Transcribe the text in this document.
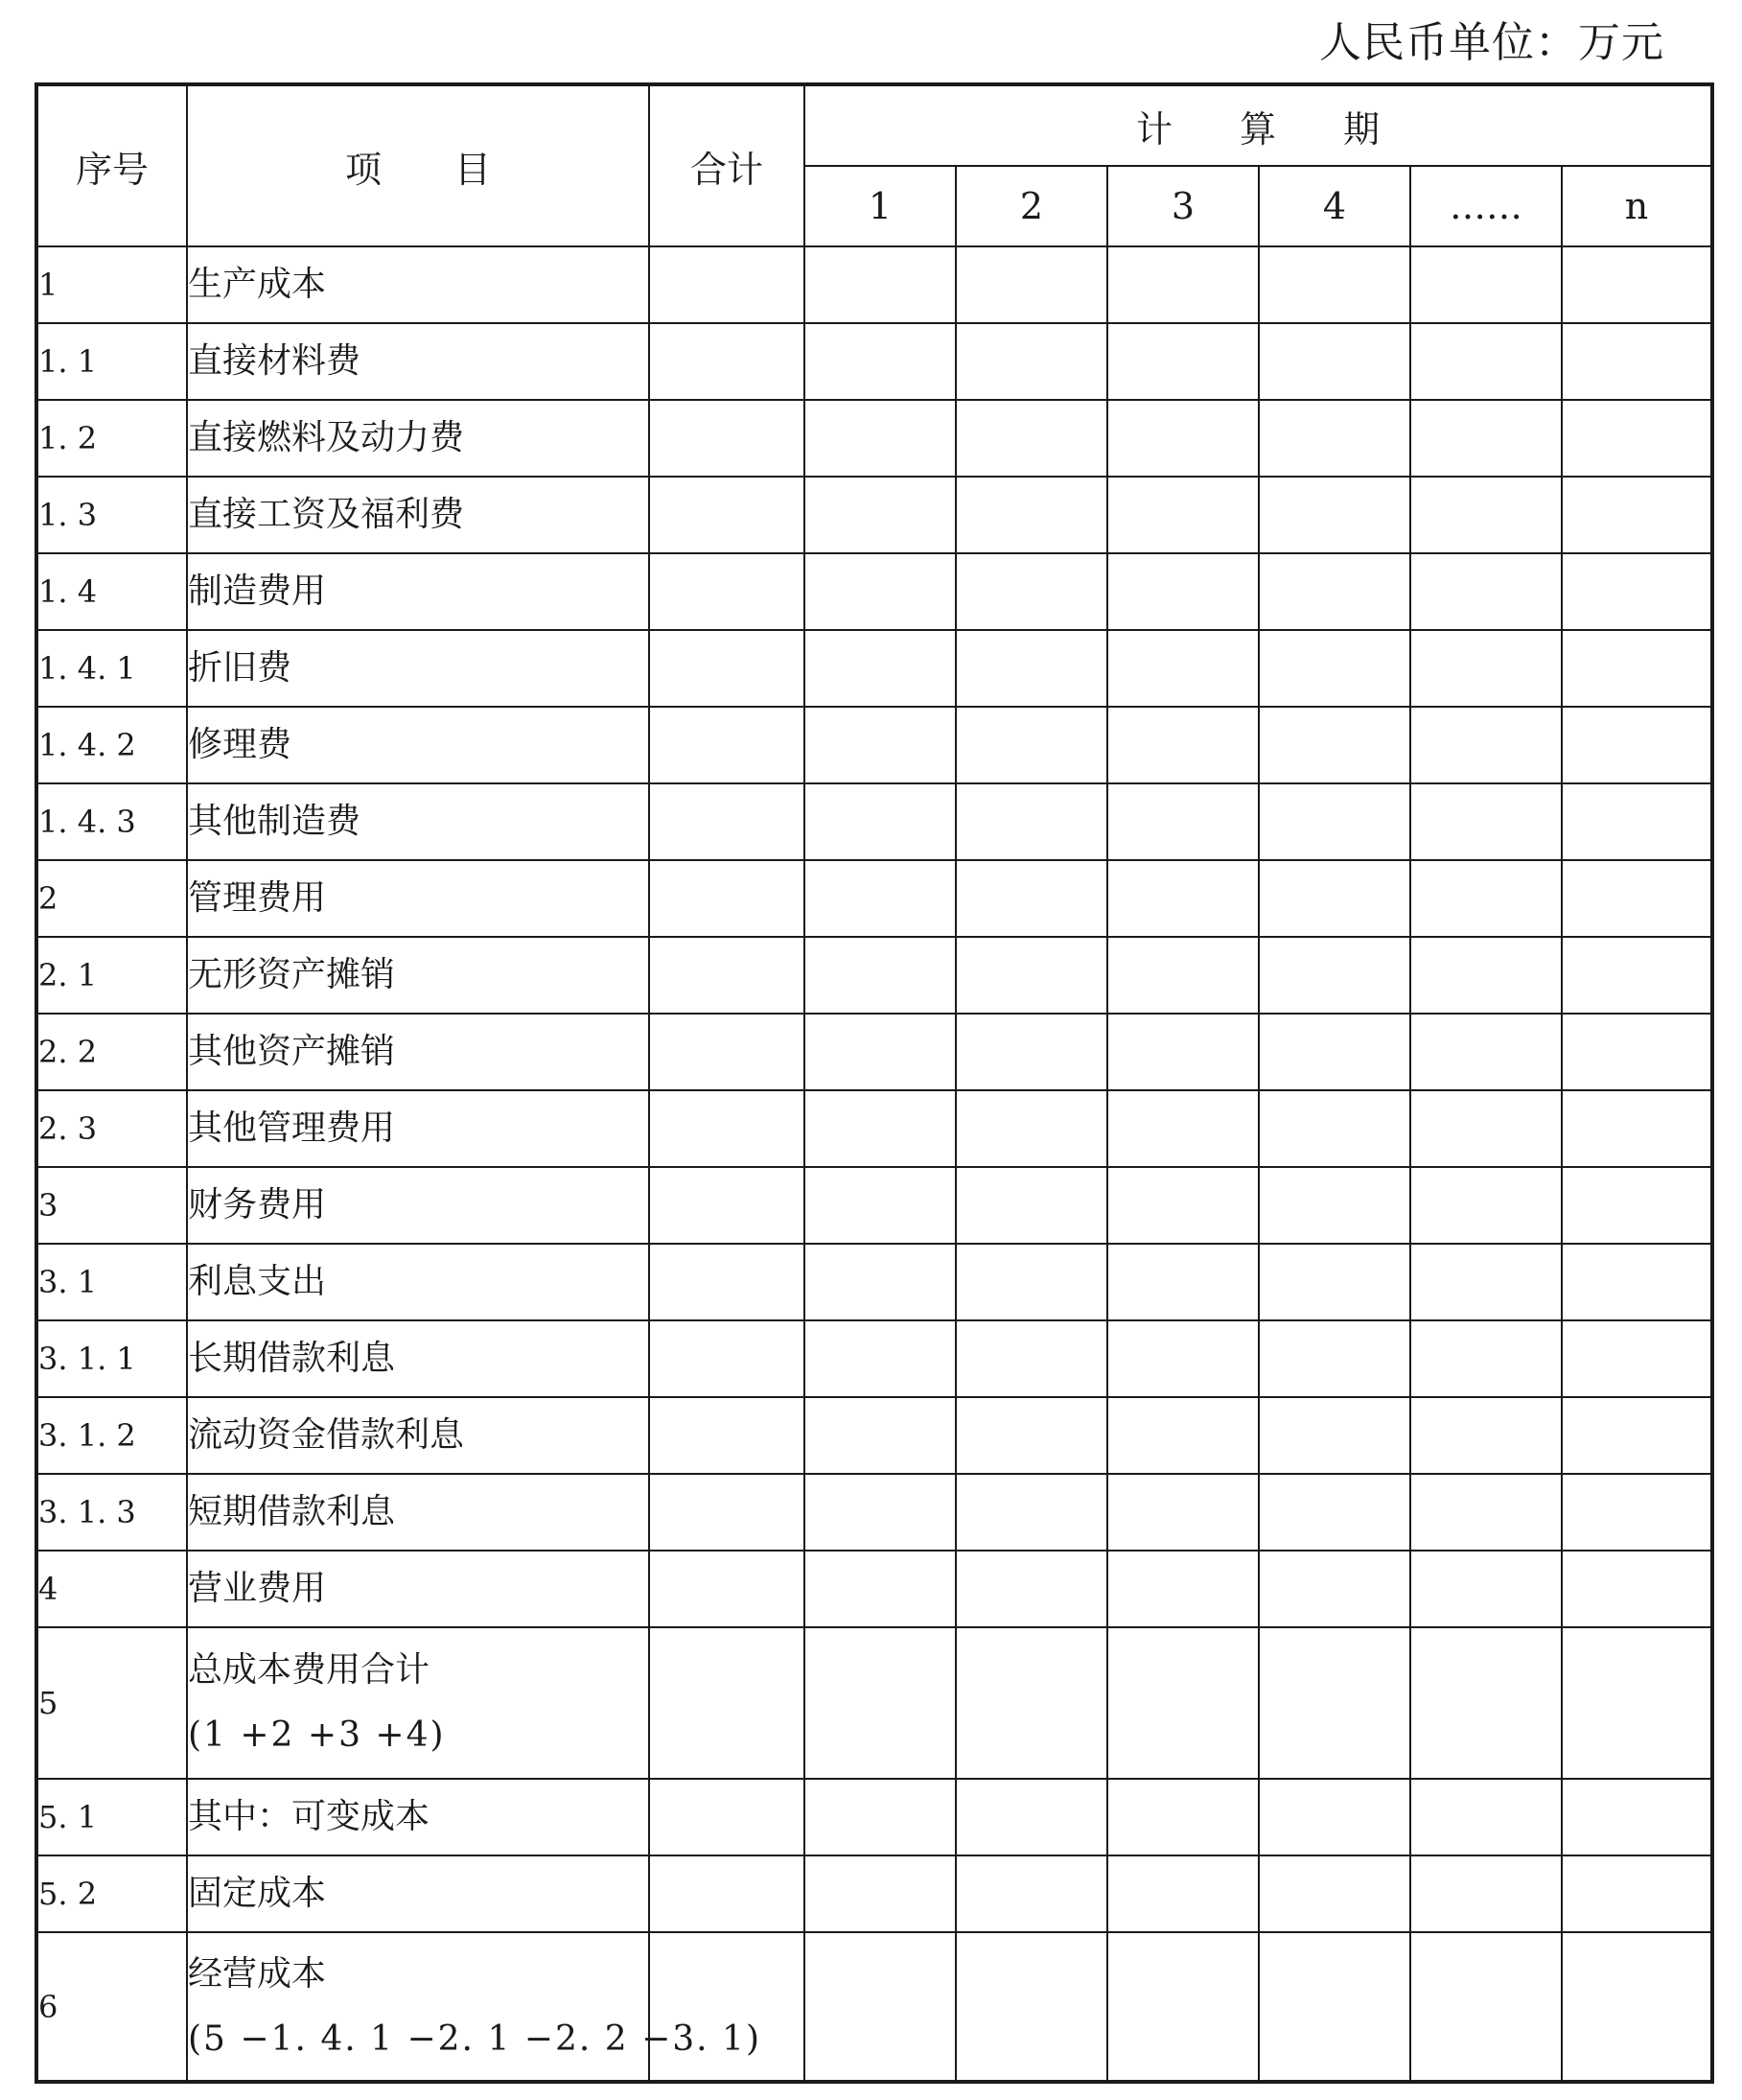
人民币单位：万元
序号	项目	合计	计算期					
			1	2	3	4	……	n
1	生产成本							
1. 1	直接材料费							
1. 2	直接燃料及动力费							
1. 3	直接工资及福利费							
1. 4	制造费用							
1. 4. 1	折旧费							
1. 4. 2	修理费							
1. 4. 3	其他制造费							
2	管理费用							
2. 1	无形资产摊销							
2. 2	其他资产摊销							
2. 3	其他管理费用							
3	财务费用							
3. 1	利息支出							
3. 1. 1	长期借款利息							
3. 1. 2	流动资金借款利息							
3. 1. 3	短期借款利息							
4	营业费用							
5	总成本费用合计
(1 +2 +3 +4)							

5. 1	其中：可变成本							
5. 2	固定成本							
6	经营成本
(5 −1. 4. 1 −2. 1 −2. 2 −3. 1)							
